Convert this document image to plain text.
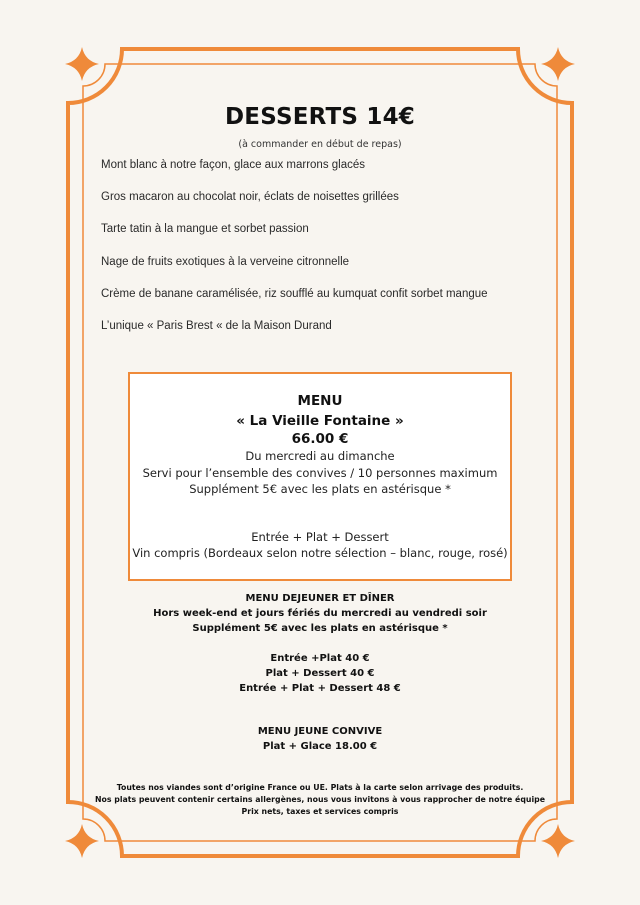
DESSERTS 14€
(à commander en début de repas)
Mont blanc à notre façon, glace aux marrons glacés
Gros macaron au chocolat noir, éclats de noisettes grillées
Tarte tatin à la mangue et sorbet passion
Nage de fruits exotiques à la verveine citronnelle
Crème de banane caramélisée, riz soufflé au kumquat confit sorbet mangue
L’unique « Paris Brest « de la Maison Durand
MENU
« La Vieille Fontaine »
66.00 €
Du mercredi au dimanche
Servi pour l’ensemble des convives / 10 personnes maximum
Supplément 5€ avec les plats en astérisque *
Entrée + Plat + Dessert
Vin compris (Bordeaux selon notre sélection – blanc, rouge, rosé)
MENU DEJEUNER ET DÎNER
Hors week-end et jours fériés du mercredi au vendredi soir
Supplément 5€ avec les plats en astérisque *
Entrée +Plat 40 €
Plat + Dessert 40 €
Entrée + Plat + Dessert 48 €
MENU JEUNE CONVIVE
Plat + Glace 18.00 €
Toutes nos viandes sont d’origine France ou UE. Plats à la carte selon arrivage des produits.
Nos plats peuvent contenir certains allergènes, nous vous invitons à vous rapprocher de notre équipe
Prix nets, taxes et services compris
